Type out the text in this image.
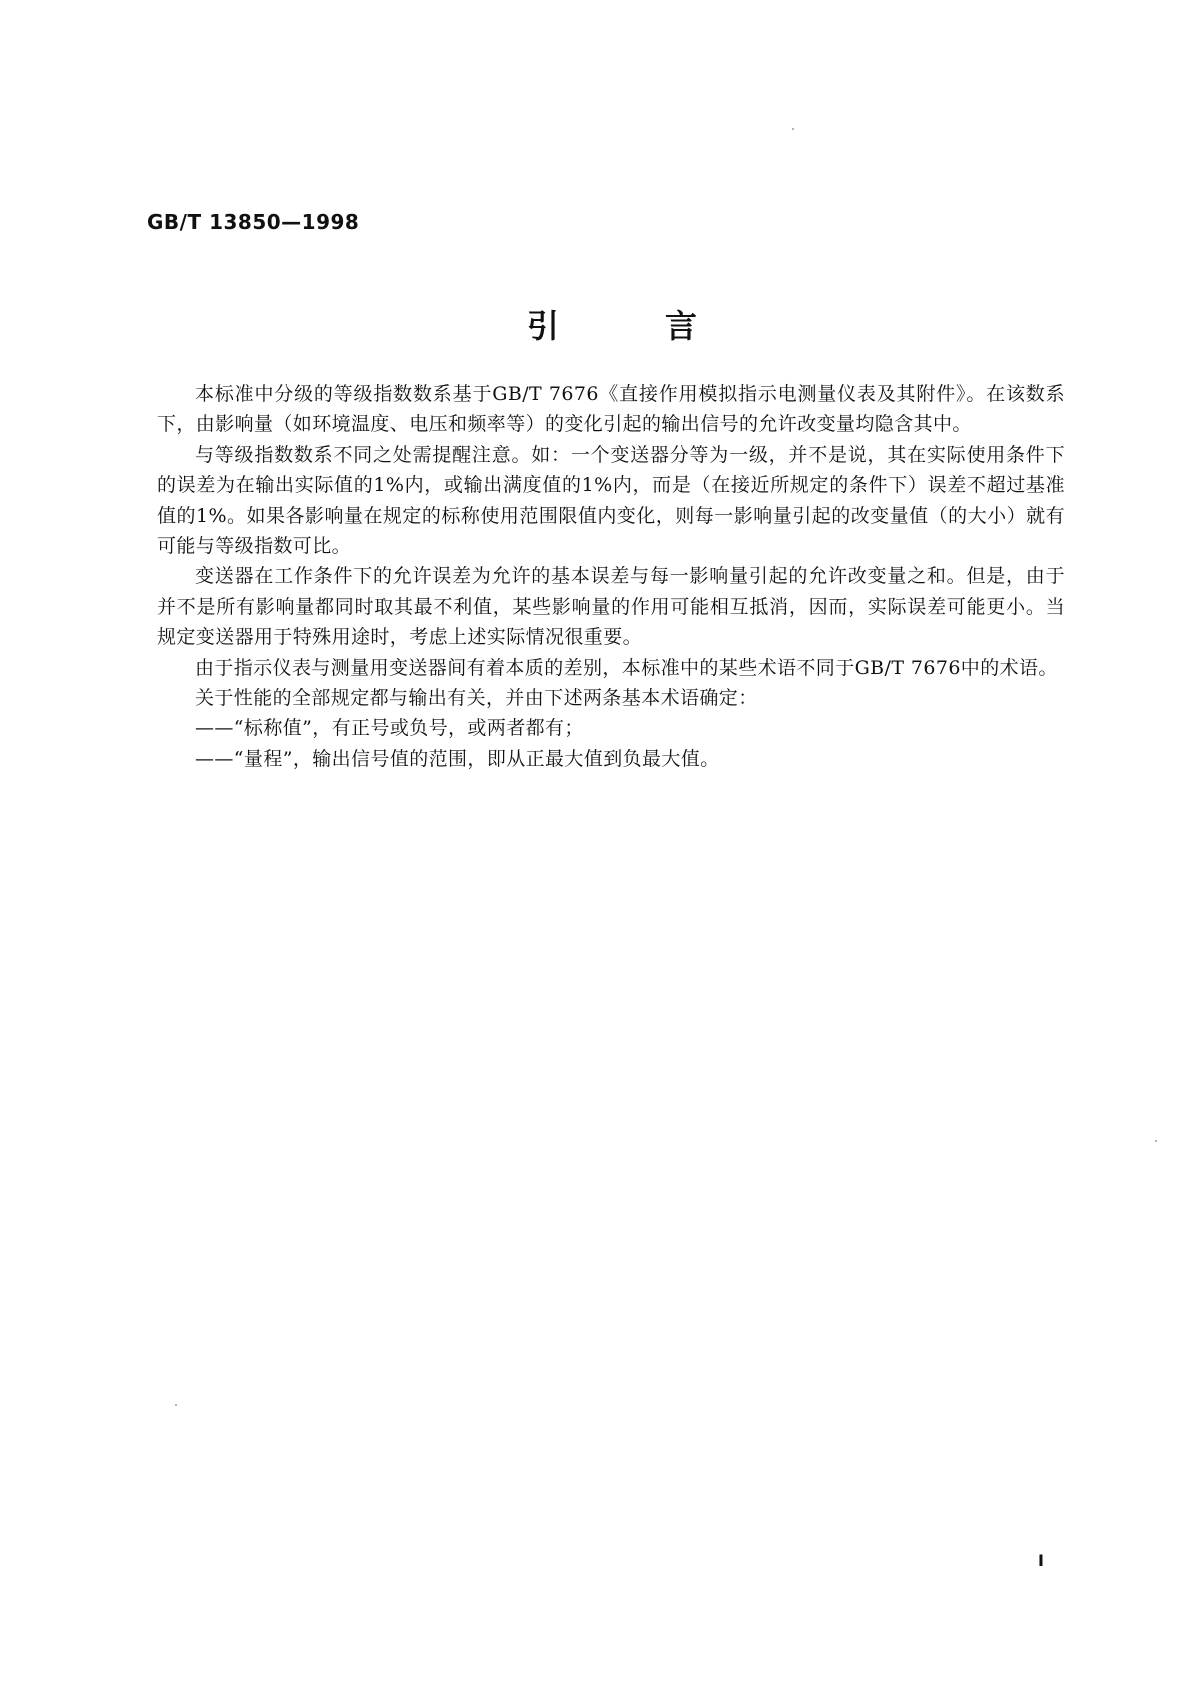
GB/T 13850—1998
引	言

本标准中分级的等级指数数系基于GB/T 7676《直接作用模拟指示电测量仪表及其附件》。在该数系下，由影响量（如环境温度、电压和频率等）的变化引起的输出信号的允许改变量均隐含其中。

与等级指数数系不同之处需提醒注意。如：一个变送器分等为一级，并不是说，其在实际使用条件下的误差为在输出实际值的1%内，或输出满度值的1%内，而是（在接近所规定的条件下）误差不超过基准值的1%。如果各影响量在规定的标称使用范围限值内变化，则每一影响量引起的改变量值（的大小）就有可能与等级指数可比。

变送器在工作条件下的允许误差为允许的基本误差与每一影响量引起的允许改变量之和。但是，由于并不是所有影响量都同时取其最不利值，某些影响量的作用可能相互抵消，因而，实际误差可能更小。当规定变送器用于特殊用途时，考虑上述实际情况很重要。

由于指示仪表与测量用变送器间有着本质的差别，本标准中的某些术语不同于GB/T 7676中的术语。

关于性能的全部规定都与输出有关，并由下述两条基本术语确定：

——“标称值”，有正号或负号，或两者都有；

——“量程”，输出信号值的范围，即从正最大值到负最大值。

I
